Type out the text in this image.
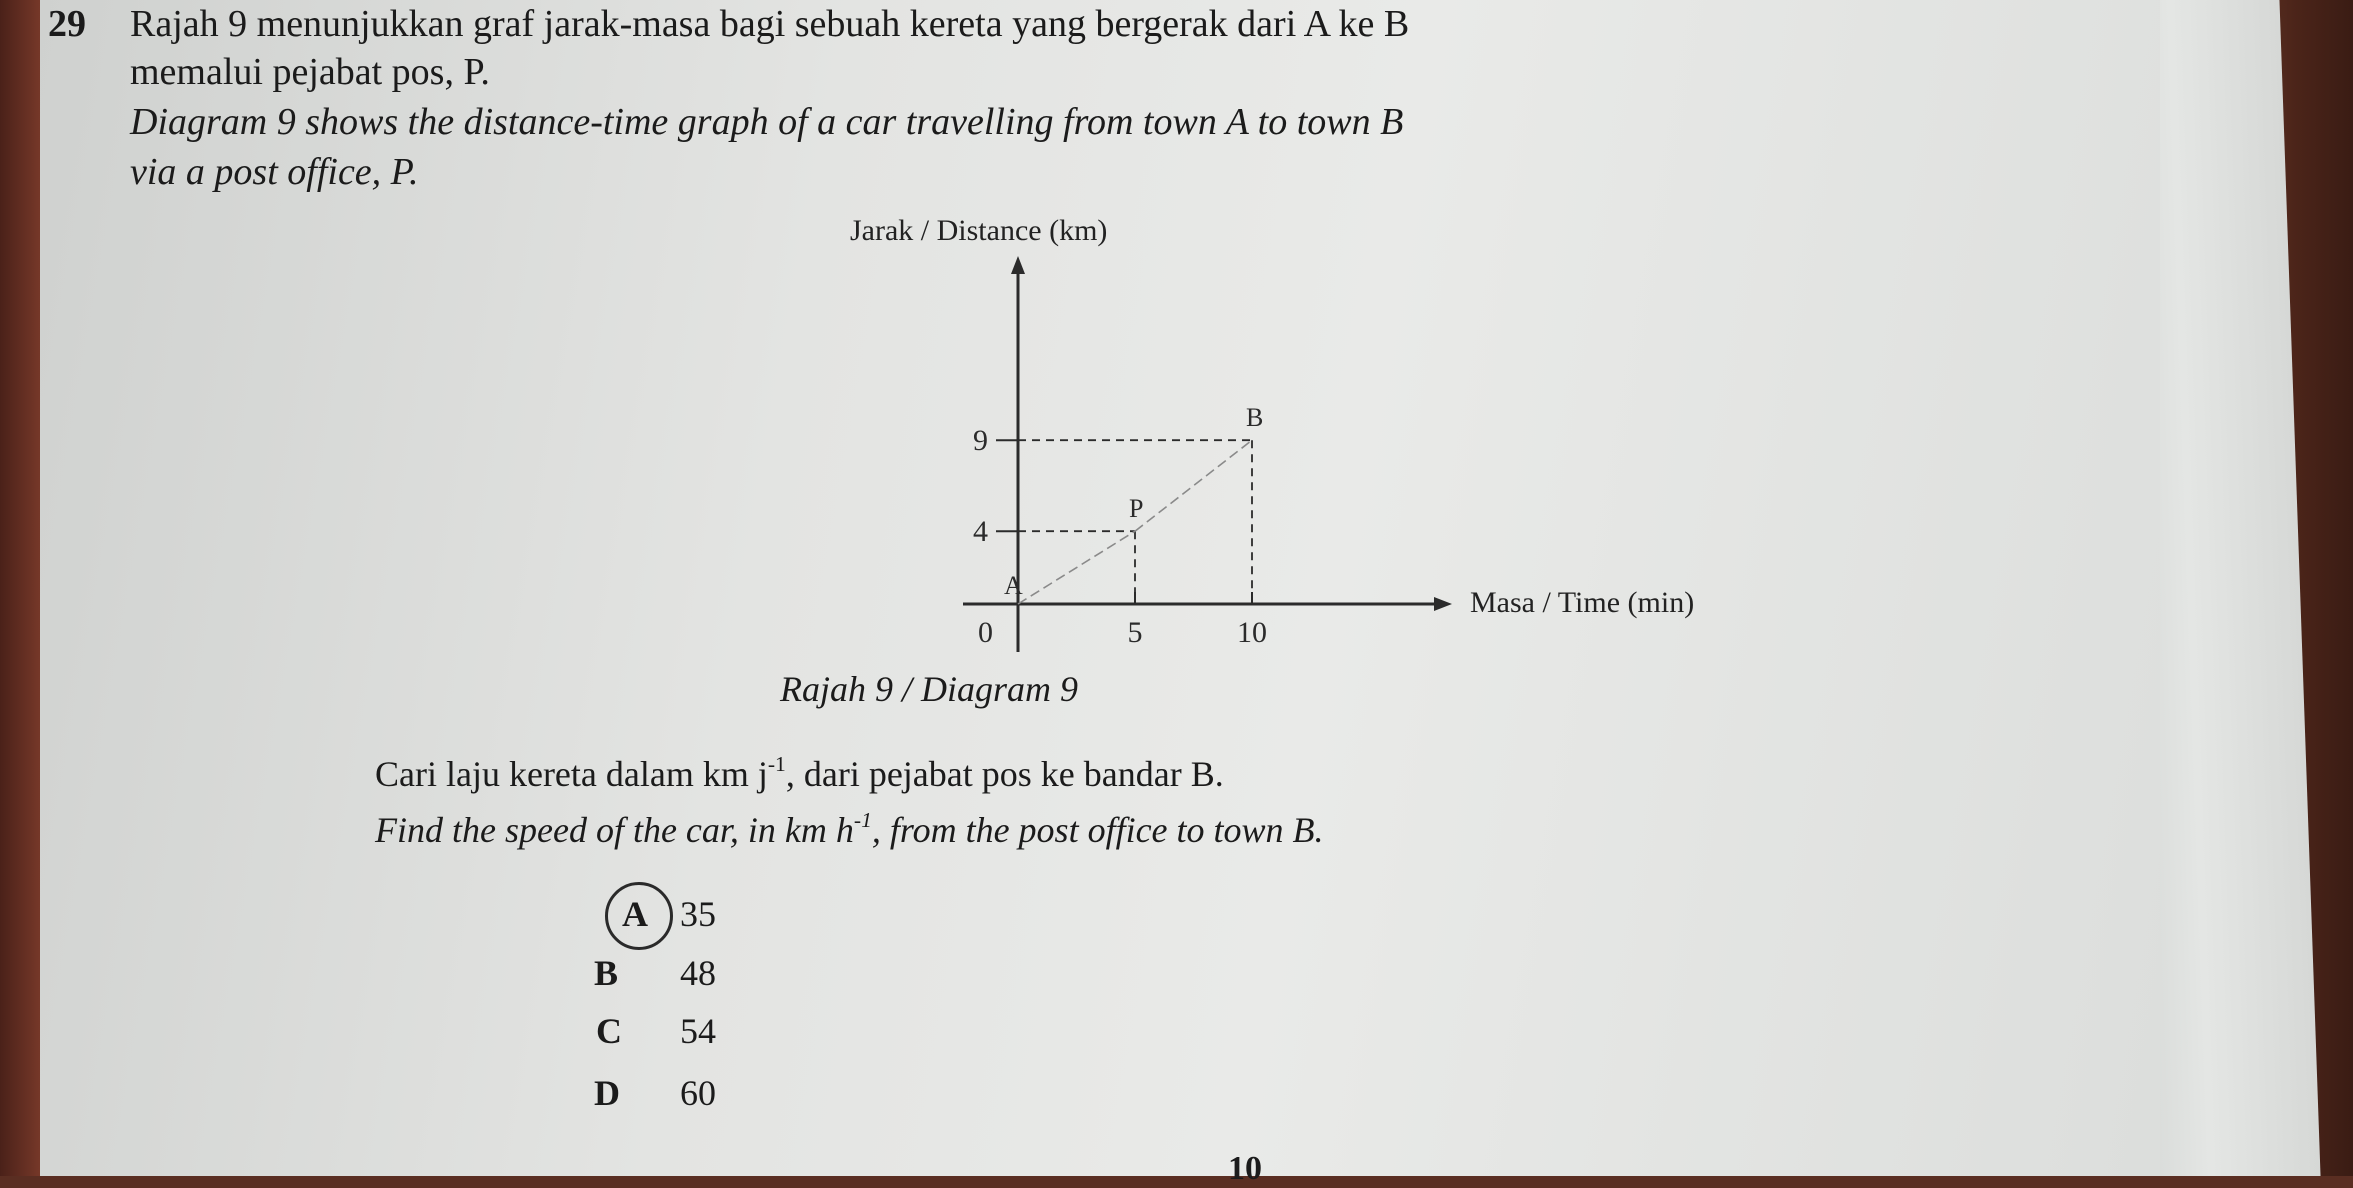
29 Rajah 9 menunjukkan graf jarak-masa bagi sebuah kereta yang bergerak dari A ke B
memalui pejabat pos, P.
Diagram 9 shows the distance-time graph of a car travelling from town A to town B
via a post office, P.
Jarak / Distance (km)
Masa / Time (min)
0	5	10
4
9
A
P
B
Rajah 9 / Diagram 9
Cari laju kereta dalam km $j^{-1}$, dari pejabat pos ke bandar B.
Find the speed of the car, in km $h^{-1}$, from the post office to town B.
A 35
B 48
C 54
D 60
10
